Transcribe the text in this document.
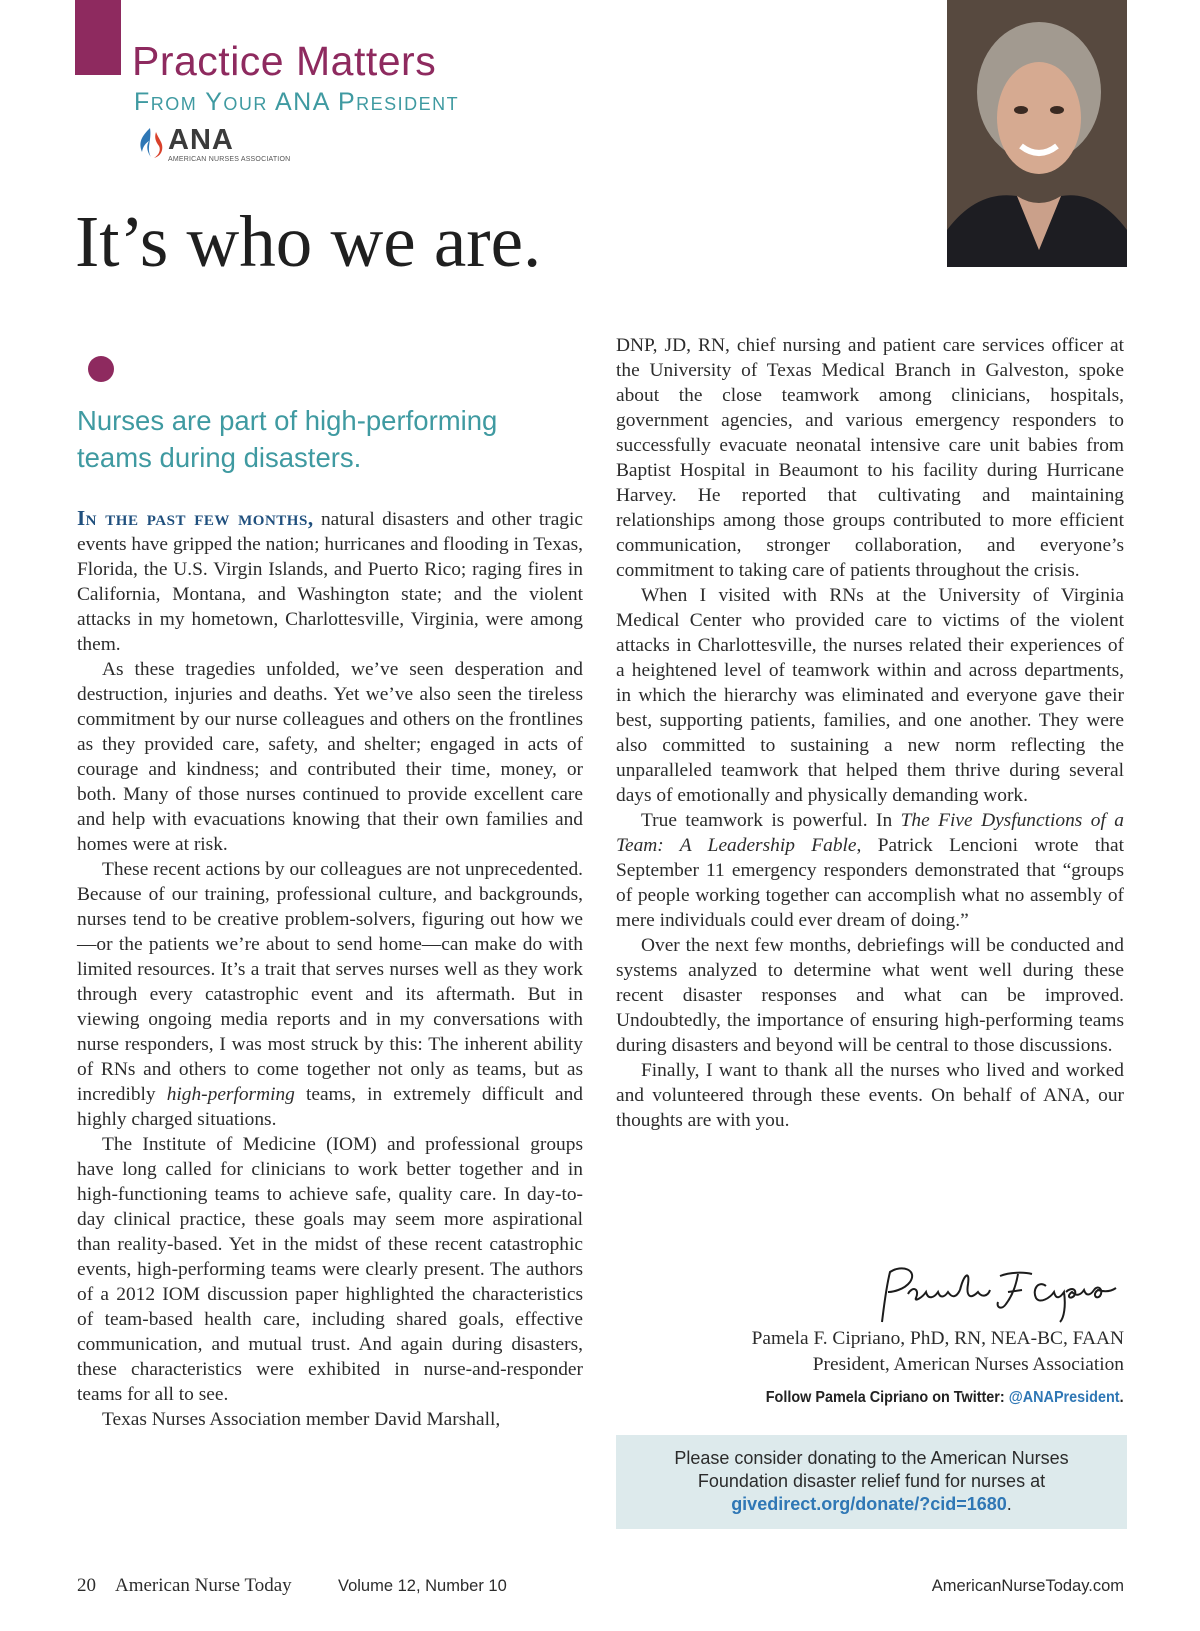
Practice Matters
From Your ANA President
ANA
AMERICAN NURSES ASSOCIATION
It’s who we are.
Nurses are part of high-performing teams during disasters.

In the past few months, natural disasters and other tragic events have gripped the nation; hurricanes and flooding in Texas, Florida, the U.S. Virgin Islands, and Puerto Rico; raging fires in California, Montana, and Washington state; and the violent attacks in my hometown, Charlottesville, Virginia, were among them.

As these tragedies unfolded, we’ve seen desperation and destruction, injuries and deaths. Yet we’ve also seen the tireless commitment by our nurse colleagues and others on the frontlines as they provided care, safety, and shelter; engaged in acts of courage and kindness; and contributed their time, money, or both. Many of those nurses continued to provide excellent care and help with evacuations knowing that their own families and homes were at risk.

These recent actions by our colleagues are not unprecedented. Because of our training, professional culture, and backgrounds, nurses tend to be creative problem-solvers, figuring out how we—or the patients we’re about to send home—can make do with limited resources. It’s a trait that serves nurses well as they work through every catastrophic event and its aftermath. But in viewing ongoing media reports and in my conversations with nurse responders, I was most struck by this: The inherent ability of RNs and others to come together not only as teams, but as incredibly high-performing teams, in extremely difficult and highly charged situations.

The Institute of Medicine (IOM) and professional groups have long called for clinicians to work better together and in high-functioning teams to achieve safe, quality care. In day-to-day clinical practice, these goals may seem more aspirational than reality-based. Yet in the midst of these recent catastrophic events, high-performing teams were clearly present. The authors of a 2012 IOM discussion paper highlighted the characteristics of team-based health care, including shared goals, effective communication, and mutual trust. And again during disasters, these characteristics were exhibited in nurse-and-responder teams for all to see.

Texas Nurses Association member David Marshall,

DNP, JD, RN, chief nursing and patient care services officer at the University of Texas Medical Branch in Galveston, spoke about the close teamwork among clinicians, hospitals, government agencies, and various emergency responders to successfully evacuate neonatal intensive care unit babies from Baptist Hospital in Beaumont to his facility during Hurricane Harvey. He reported that cultivating and maintaining relationships among those groups contributed to more efficient communication, stronger collaboration, and everyone’s commitment to taking care of patients throughout the crisis.

When I visited with RNs at the University of Virginia Medical Center who provided care to victims of the violent attacks in Charlottesville, the nurses related their experiences of a heightened level of teamwork within and across departments, in which the hierarchy was eliminated and everyone gave their best, supporting patients, families, and one another. They were also committed to sustaining a new norm reflecting the unparalleled teamwork that helped them thrive during several days of emotionally and physically demanding work.

True teamwork is powerful. In The Five Dysfunctions of a Team: A Leadership Fable, Patrick Lencioni wrote that September 11 emergency responders demonstrated that “groups of people working together can accomplish what no assembly of mere individuals could ever dream of doing.”

Over the next few months, debriefings will be conducted and systems analyzed to determine what went well during these recent disaster responses and what can be improved. Undoubtedly, the importance of ensuring high-performing teams during disasters and beyond will be central to those discussions.

Finally, I want to thank all the nurses who lived and worked and volunteered through these events. On behalf of ANA, our thoughts are with you.

Pamela F. Cipriano, PhD, RN, NEA-BC, FAAN
President, American Nurses Association
Follow Pamela Cipriano on Twitter: @ANAPresident.
Please consider donating to the American Nurses
Foundation disaster relief fund for nurses at
givedirect.org/donate/?cid=1680.
20 American Nurse Today	Volume 12, Number 10	AmericanNurseToday.com
